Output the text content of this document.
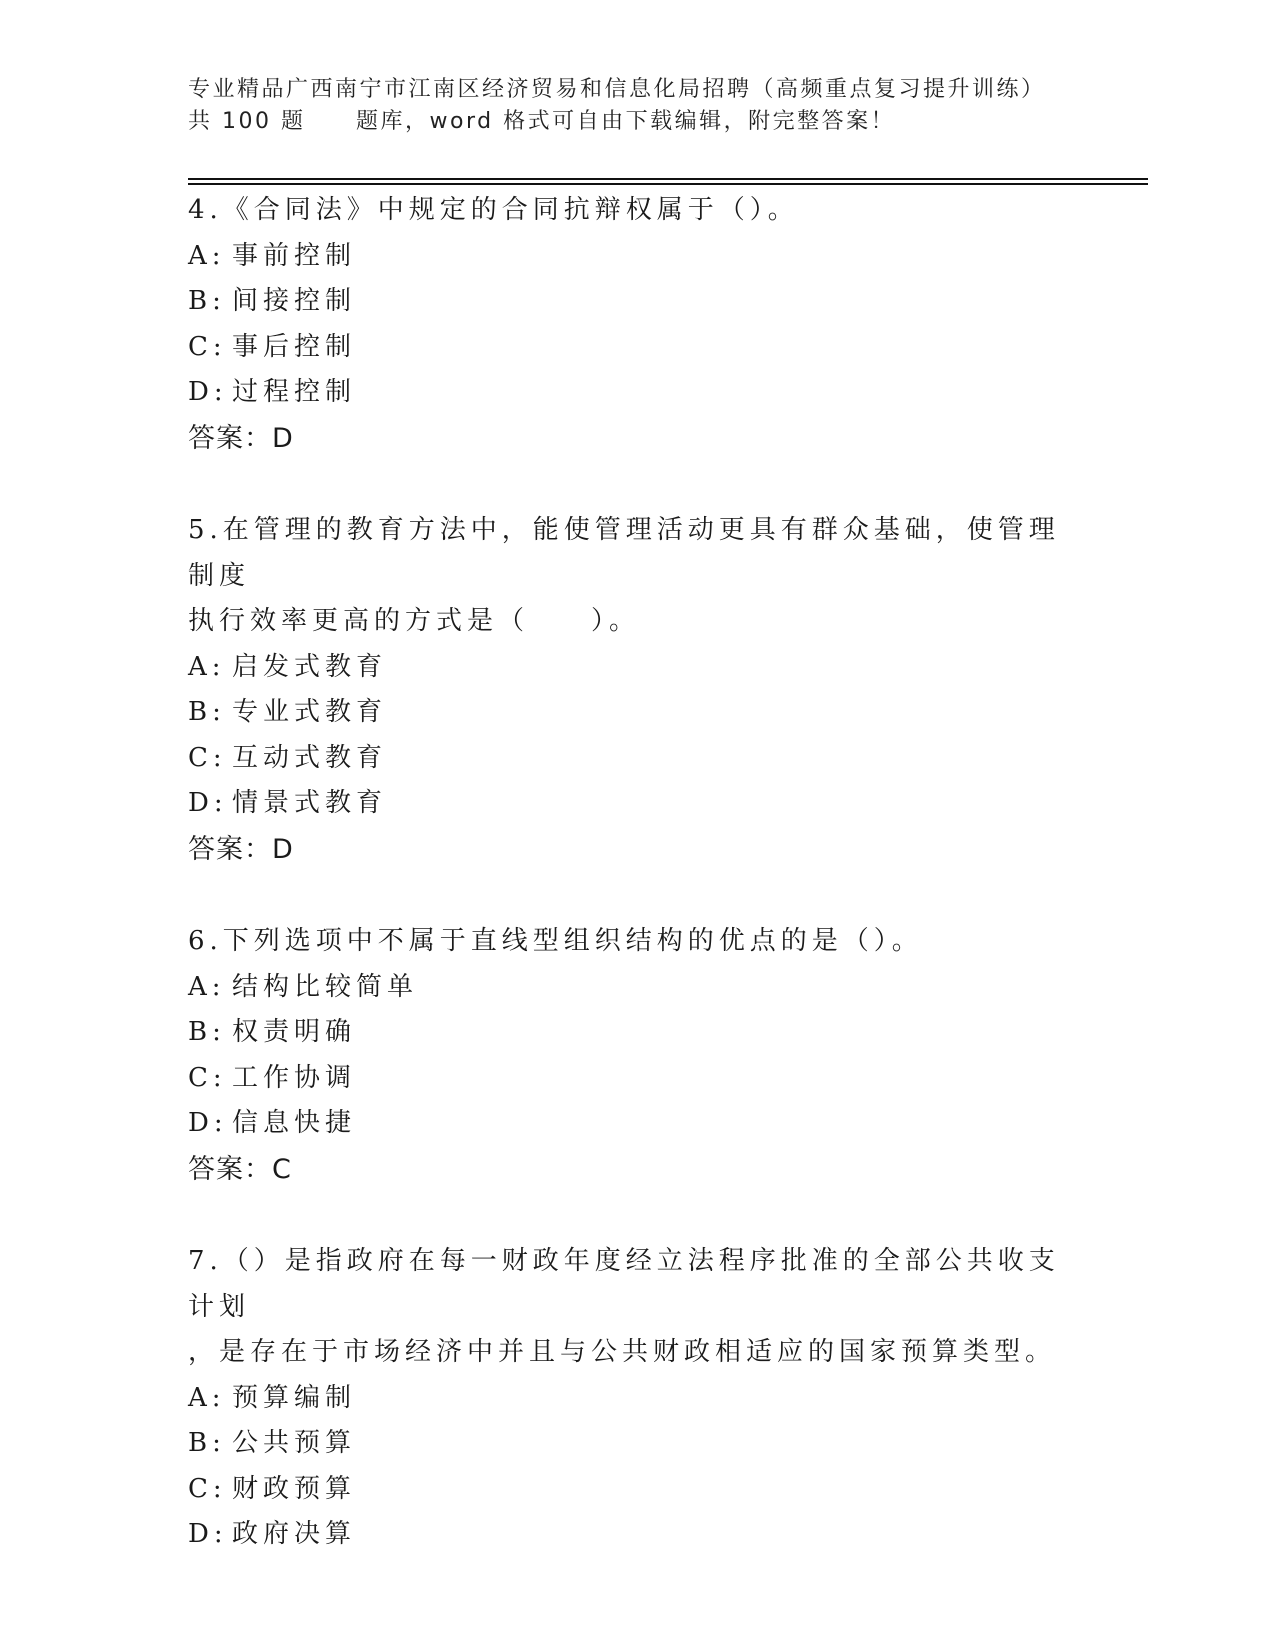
专业精品广西南宁市江南区经济贸易和信息化局招聘（高频重点复习提升训练）
共 100 题	题库，word 格式可自由下载编辑，附完整答案！

4.《合同法》中规定的合同抗辩权属于（）。

A: 事前控制
B: 间接控制
C: 事后控制
D: 过程控制
答案：D

5.在管理的教育方法中，能使管理活动更具有群众基础，使管理制度

执行效率更高的方式是（　　）。

A: 启发式教育
B: 专业式教育
C: 互动式教育
D: 情景式教育
答案：D

6.下列选项中不属于直线型组织结构的优点的是（）。

A: 结构比较简单
B: 权责明确
C: 工作协调
D: 信息快捷
答案：C

7.（）是指政府在每一财政年度经立法程序批准的全部公共收支计划

，是存在于市场经济中并且与公共财政相适应的国家预算类型。

A: 预算编制
B: 公共预算
C: 财政预算
D: 政府决算
